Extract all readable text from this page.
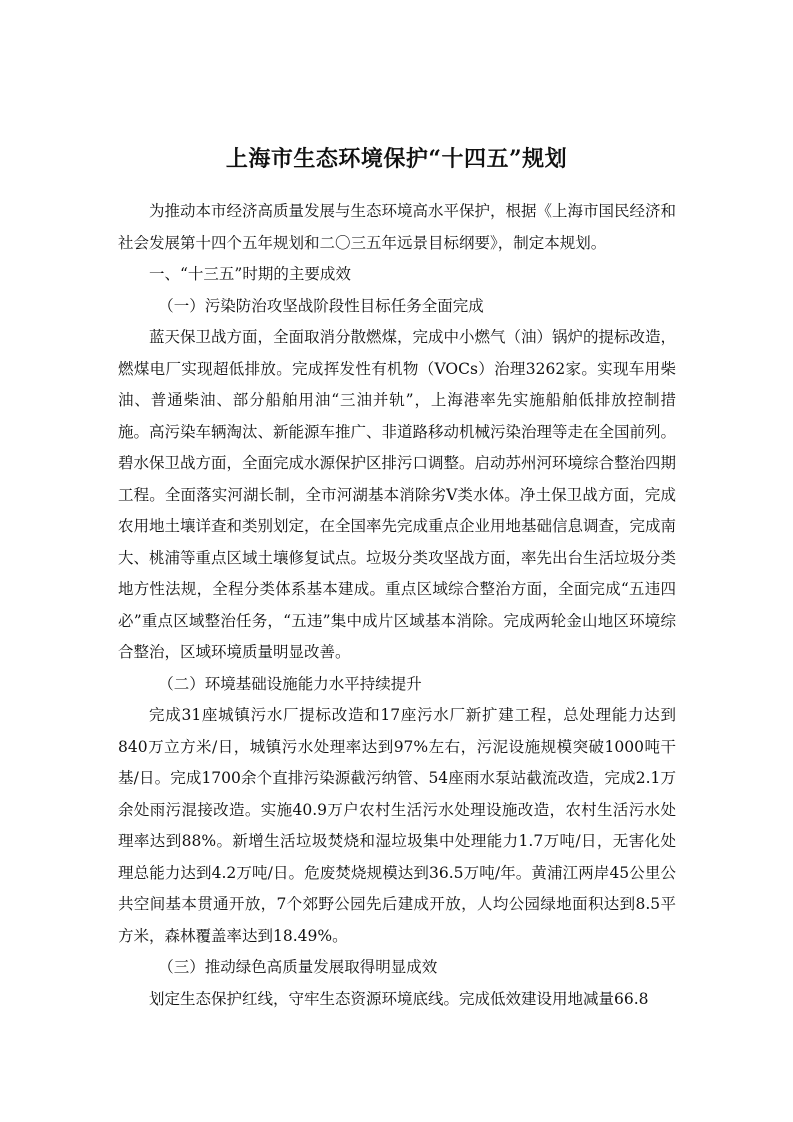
上海市生态环境保护“十四五”规划

为推动本市经济高质量发展与生态环境高水平保护，根据《上海市国民经济和社会发展第十四个五年规划和二〇三五年远景目标纲要》，制定本规划。

一、“十三五”时期的主要成效

（一）污染防治攻坚战阶段性目标任务全面完成

蓝天保卫战方面，全面取消分散燃煤，完成中小燃气（油）锅炉的提标改造，燃煤电厂实现超低排放。完成挥发性有机物（VOCs）治理3262家。实现车用柴油、普通柴油、部分船舶用油“三油并轨”，上海港率先实施船舶低排放控制措施。高污染车辆淘汰、新能源车推广、非道路移动机械污染治理等走在全国前列。碧水保卫战方面，全面完成水源保护区排污口调整。启动苏州河环境综合整治四期工程。全面落实河湖长制，全市河湖基本消除劣Ⅴ类水体。净土保卫战方面，完成农用地土壤详查和类别划定，在全国率先完成重点企业用地基础信息调查，完成南大、桃浦等重点区域土壤修复试点。垃圾分类攻坚战方面，率先出台生活垃圾分类地方性法规，全程分类体系基本建成。重点区域综合整治方面，全面完成“五违四必”重点区域整治任务，“五违”集中成片区域基本消除。完成两轮金山地区环境综合整治，区域环境质量明显改善。

（二）环境基础设施能力水平持续提升

完成31座城镇污水厂提标改造和17座污水厂新扩建工程，总处理能力达到840万立方米/日，城镇污水处理率达到97%左右，污泥设施规模突破1000吨干基/日。完成1700余个直排污染源截污纳管、54座雨水泵站截流改造，完成2.1万余处雨污混接改造。实施40.9万户农村生活污水处理设施改造，农村生活污水处理率达到88%。新增生活垃圾焚烧和湿垃圾集中处理能力1.7万吨/日，无害化处理总能力达到4.2万吨/日。危废焚烧规模达到36.5万吨/年。黄浦江两岸45公里公共空间基本贯通开放，7个郊野公园先后建成开放，人均公园绿地面积达到8.5平方米，森林覆盖率达到18.49%。

（三）推动绿色高质量发展取得明显成效

划定生态保护红线，守牢生态资源环境底线。完成低效建设用地减量66.8
